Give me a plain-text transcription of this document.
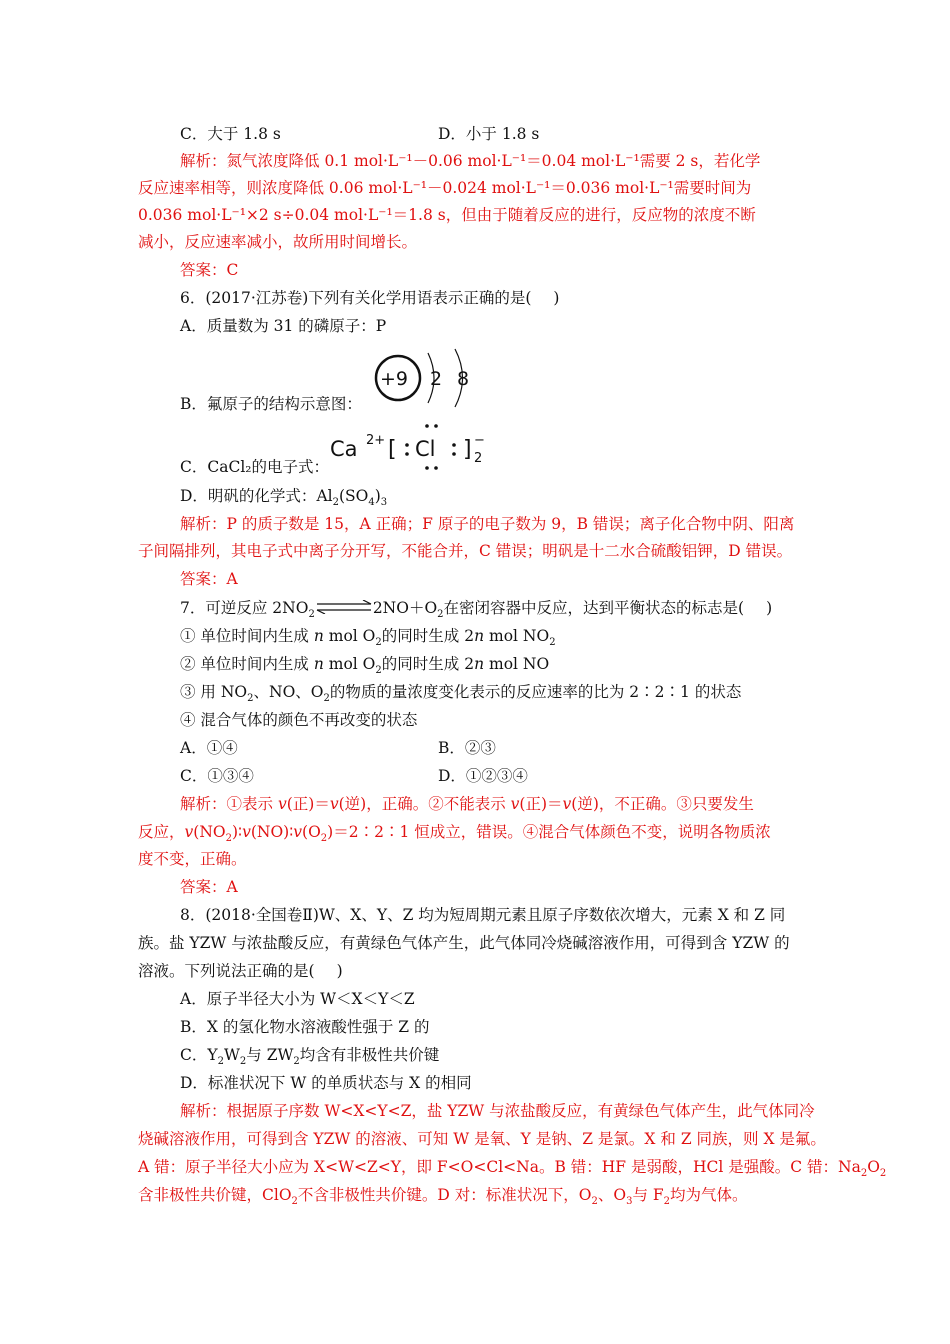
C．大于 1.8 s	D．小于 1.8 s
解析：氮气浓度降低 0.1 mol·L⁻¹－0.06 mol·L⁻¹＝0.04 mol·L⁻¹需要 2 s，若化学
反应速率相等，则浓度降低 0.06 mol·L⁻¹－0.024 mol·L⁻¹＝0.036 mol·L⁻¹需要时间为
0.036 mol·L⁻¹×2 s÷0.04 mol·L⁻¹＝1.8 s，但由于随着反应的进行，反应物的浓度不断
减小，反应速率减小，故所用时间增长。
答案：C
6．(2017·江苏卷)下列有关化学用语表示正确的是( )
A．质量数为 31 的磷原子：P
+9 2 8
B．氟原子的结构示意图：
Ca 2+ [ Cl ] −
2
C．CaCl₂的电子式：
D．明矾的化学式：$Al_2(SO_4)_3$
解析：P 的质子数是 15，A 正确；F 原子的电子数为 9，B 错误；离子化合物中阴、阳离
子间隔排列，其电子式中离子分开写，不能合并，C 错误；明矾是十二水合硫酸铝钾，D 错误。
答案：A
7．可逆反应 $2NO_2$ $\rightleftharpoons 2NO+O_2$在密闭容器中反应，达到平衡状态的标志是( )
① 单位时间内生成 n mol $O_2$的同时生成 2n mol $NO_2$
② 单位时间内生成 n mol $O_2$的同时生成 2n mol NO
③ 用 $NO_2$、NO、$O_2$的物质的量浓度变化表示的反应速率的比为 2∶2∶1 的状态
④ 混合气体的颜色不再改变的状态
A．①④	B．②③
C．①③④	D．①②③④
解析：①表示 v(正)＝v(逆)，正确。②不能表示 v(正)＝v(逆)，不正确。③只要发生
反应，$v(NO_2)∶v(NO)∶v(O_2)=2∶2∶1$ 恒成立，错误。④混合气体颜色不变，说明各物质浓
度不变，正确。
答案：A
8．(2018·全国卷Ⅱ)W、X、Y、Z 均为短周期元素且原子序数依次增大，元素 X 和 Z 同
族。盐 YZW 与浓盐酸反应，有黄绿色气体产生，此气体同冷烧碱溶液作用，可得到含 YZW 的
溶液。下列说法正确的是( )
A．原子半径大小为 W＜X＜Y＜Z
B．X 的氢化物水溶液酸性强于 Z 的
C．$Y_2W_2$与 $ZW_2$均含有非极性共价键
D．标准状况下 W 的单质状态与 X 的相同
解析：根据原子序数 W<X<Y<Z，盐 YZW 与浓盐酸反应，有黄绿色气体产生，此气体同冷
烧碱溶液作用，可得到含 YZW 的溶液、可知 W 是氧、Y 是钠、Z 是氯。X 和 Z 同族，则 X 是氟。
A 错：原子半径大小应为 X<W<Z<Y，即 F<O<Cl<Na。B 错：HF 是弱酸，HCl 是强酸。C 错：$Na_2O_2$
含非极性共价键，ClO$_2$不含非极性共价键。D 对：标准状况下，$O_2$、$O_3$与 $F_2$均为气体。
